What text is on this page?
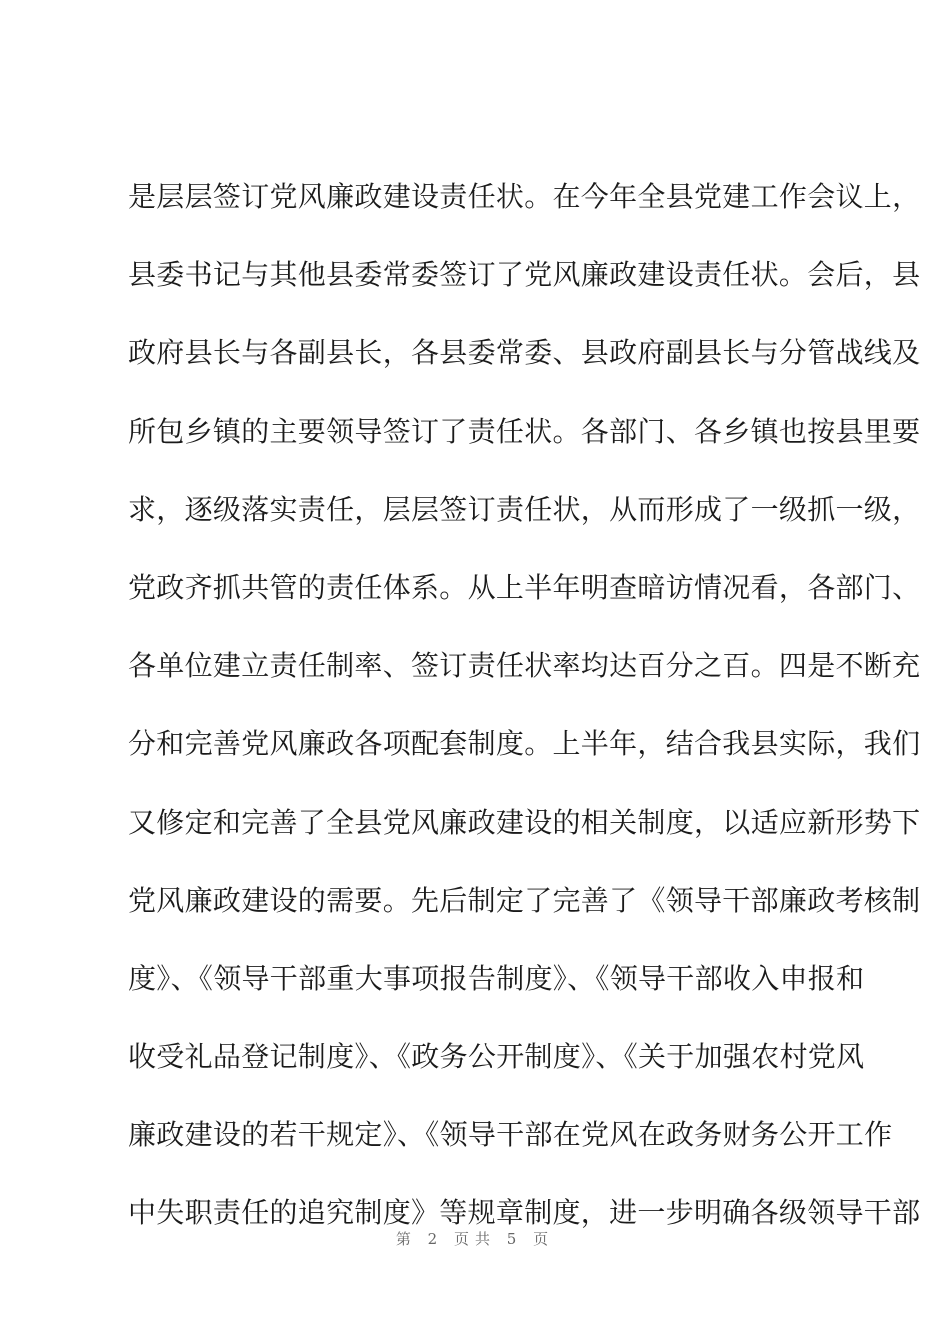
是层层签订党风廉政建设责任状。在今年全县党建工作会议上，
县委书记与其他县委常委签订了党风廉政建设责任状。会后，县
政府县长与各副县长，各县委常委、县政府副县长与分管战线及
所包乡镇的主要领导签订了责任状。各部门、各乡镇也按县里要
求，逐级落实责任，层层签订责任状，从而形成了一级抓一级，
党政齐抓共管的责任体系。从上半年明查暗访情况看，各部门、
各单位建立责任制率、签订责任状率均达百分之百。四是不断充
分和完善党风廉政各项配套制度。上半年，结合我县实际，我们
又修定和完善了全县党风廉政建设的相关制度，以适应新形势下
党风廉政建设的需要。先后制定了完善了《领导干部廉政考核制
度》、《领导干部重大事项报告制度》、《领导干部收入申报和
收受礼品登记制度》、《政务公开制度》、《关于加强农村党风
廉政建设的若干规定》、《领导干部在党风在政务财务公开工作
中失职责任的追究制度》等规章制度，进一步明确各级领导干部
第 2 页共 5 页
